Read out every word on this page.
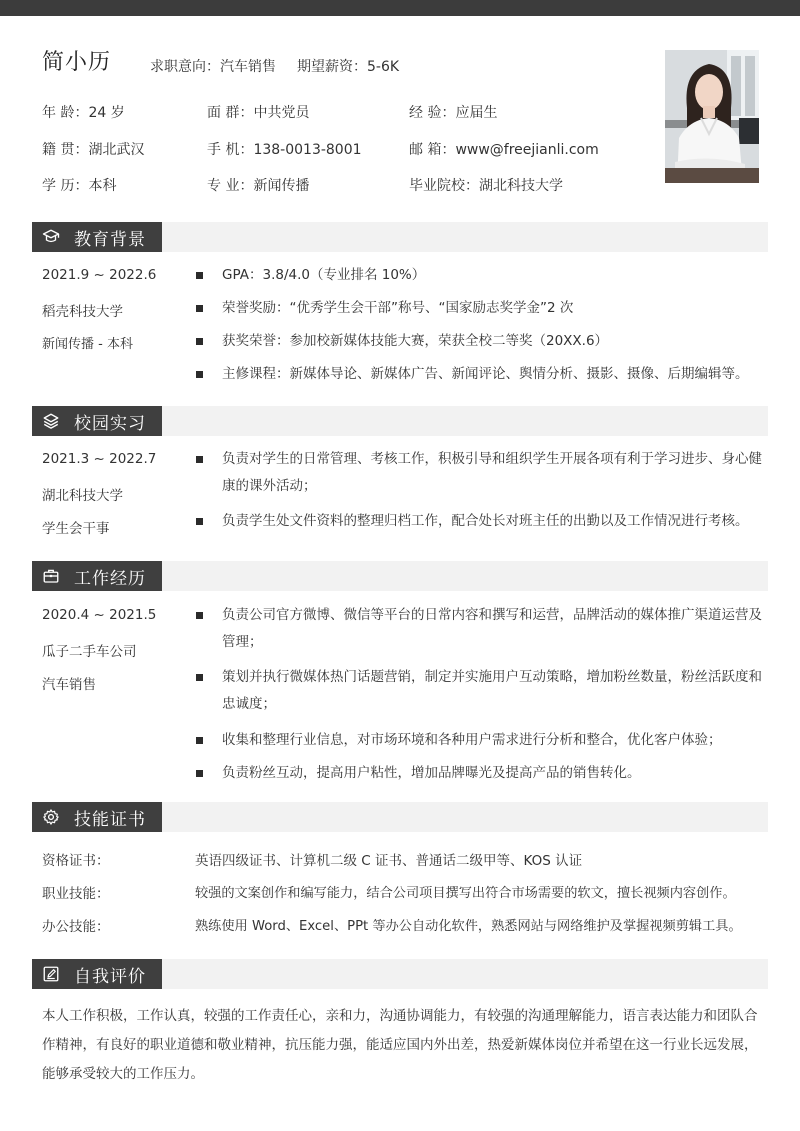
简小历	求职意向：汽车销售 期望薪资：5-6K
年 龄：24 岁	面 群：中共党员	经 验：应届生
籍 贯：湖北武汉	手 机：138-0013-8001	邮 箱：www@freejianli.com
学 历：本科	专 业：新闻传播	毕业院校：湖北科技大学
教育背景
2021.9 ~ 2022.6
稻壳科技大学
新闻传播 - 本科
GPA：3.8/4.0（专业排名 10%）
荣誉奖励：“优秀学生会干部”称号、“国家励志奖学金”2 次
获奖荣誉：参加校新媒体技能大赛，荣获全校二等奖（20XX.6）
主修课程：新媒体导论、新媒体广告、新闻评论、舆情分析、摄影、摄像、后期编辑等。
校园实习
2021.3 ~ 2022.7
湖北科技大学
学生会干事
负责对学生的日常管理、考核工作，积极引导和组织学生开展各项有利于学习进步、身心健康的课外活动；
负责学生处文件资料的整理归档工作，配合处长对班主任的出勤以及工作情况进行考核。
工作经历
2020.4 ~ 2021.5
瓜子二手车公司
汽车销售
负责公司官方微博、微信等平台的日常内容和撰写和运营，品牌活动的媒体推广渠道运营及管理；
策划并执行微媒体热门话题营销，制定并实施用户互动策略，增加粉丝数量，粉丝活跃度和忠诚度；
收集和整理行业信息，对市场环境和各种用户需求进行分析和整合，优化客户体验；
负责粉丝互动，提高用户粘性，增加品牌曝光及提高产品的销售转化。
技能证书
资格证书：	英语四级证书、计算机二级 C 证书、普通话二级甲等、KOS 认证
职业技能：	较强的文案创作和编写能力，结合公司项目撰写出符合市场需要的软文，擅长视频内容创作。
办公技能：	熟练使用 Word、Excel、PPt 等办公自动化软件，熟悉网站与网络维护及掌握视频剪辑工具。
自我评价
本人工作积极，工作认真，较强的工作责任心，亲和力，沟通协调能力，有较强的沟通理解能力，语言表达能力和团队合作精神，有良好的职业道德和敬业精神，抗压能力强，能适应国内外出差，热爱新媒体岗位并希望在这一行业长远发展，能够承受较大的工作压力。
